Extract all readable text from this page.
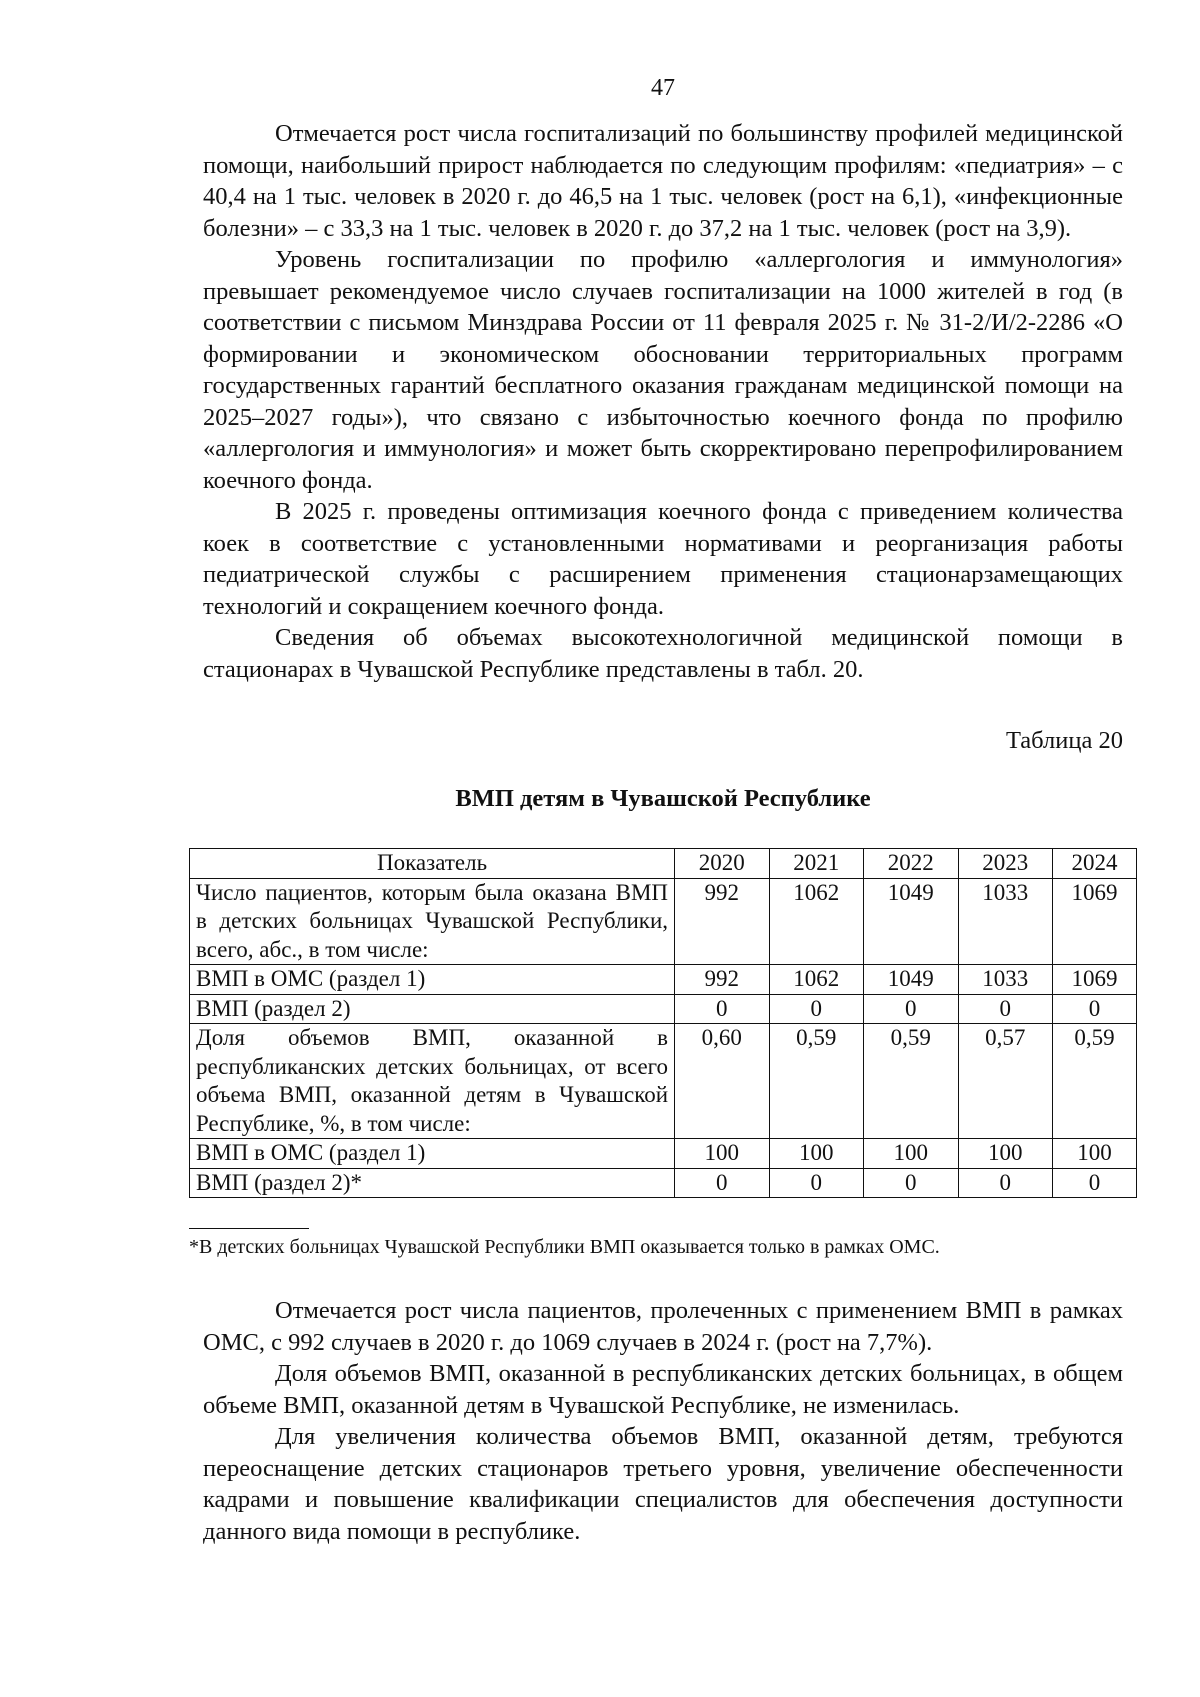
47

Отмечается рост числа госпитализаций по большинству профилей медицинской помощи, наибольший прирост наблюдается по следующим профилям: «педиатрия» – с 40,4 на 1 тыс. человек в 2020 г. до 46,5 на 1 тыс. человек (рост на 6,1), «инфекционные болезни» – с 33,3 на 1 тыс. человек в 2020 г. до 37,2 на 1 тыс. человек (рост на 3,9).

Уровень госпитализации по профилю «аллергология и иммунология» превышает рекомендуемое число случаев госпитализации на 1000 жителей в год (в соответствии с письмом Минздрава России от 11 февраля 2025 г. № 31-2/И/2-2286 «О формировании и экономическом обосновании территориальных программ государственных гарантий бесплатного оказания гражданам медицинской помощи на 2025–2027 годы»), что связано с избыточностью коечного фонда по профилю «аллергология и иммунология» и может быть скорректировано перепрофилированием коечного фонда.

В 2025 г. проведены оптимизация коечного фонда с приведением количества коек в соответствие с установленными нормативами и реорганизация работы педиатрической службы с расширением применения стационарзамещающих технологий и сокращением коечного фонда.

Сведения об объемах высокотехнологичной медицинской помощи в стационарах в Чувашской Республике представлены в табл. 20.

Таблица 20
ВМП детям в Чувашской Республике
Показатель	2020	2021	2022	2023	2024
Число пациентов, которым была оказана ВМП в детских больницах Чувашской Республики, всего, абс., в том числе:	992	1062	1049	1033	1069
ВМП в ОМС (раздел 1)	992	1062	1049	1033	1069
ВМП (раздел 2)	0	0	0	0	0
Доля объемов ВМП, оказанной в республиканских детских больницах, от всего объема ВМП, оказанной детям в Чувашской Республике, %, в том числе:	0,60	0,59	0,59	0,57	0,59
ВМП в ОМС (раздел 1)	100	100	100	100	100
ВМП (раздел 2)*	0	0	0	0	0
*В детских больницах Чувашской Республики ВМП оказывается только в рамках ОМС.

Отмечается рост числа пациентов, пролеченных с применением ВМП в рамках ОМС, с 992 случаев в 2020 г. до 1069 случаев в 2024 г. (рост на 7,7%).

Доля объемов ВМП, оказанной в республиканских детских больницах, в общем объеме ВМП, оказанной детям в Чувашской Республике, не изменилась.

Для увеличения количества объемов ВМП, оказанной детям, требуются переоснащение детских стационаров третьего уровня, увеличение обеспеченности кадрами и повышение квалификации специалистов для обеспечения доступности данного вида помощи в республике.
